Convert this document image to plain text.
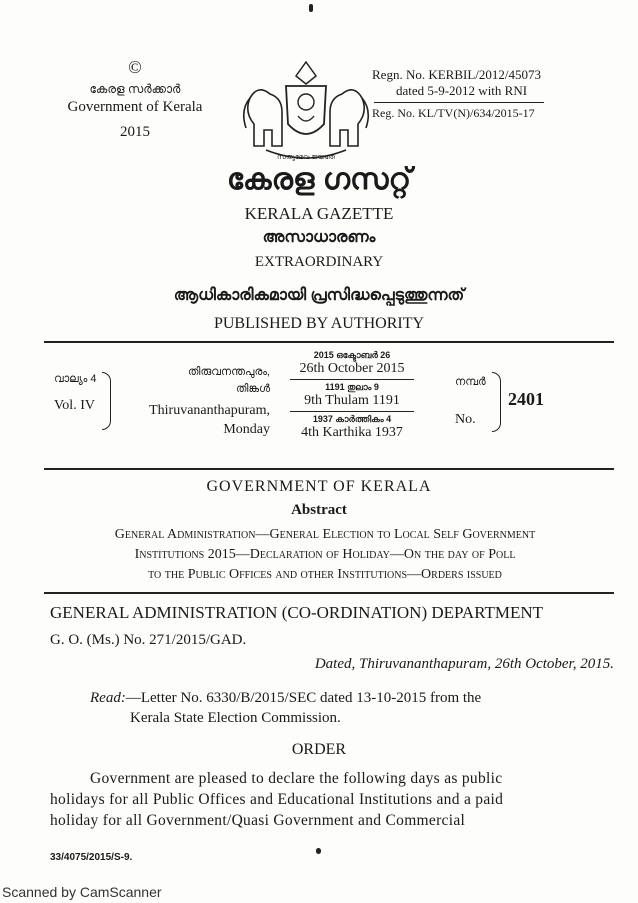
©
കേരള സർക്കാർ
Government of Kerala
2015
സത്യമേവ ജയതേ
Regn. No. KERBIL/2012/45073
dated 5-9-2012 with RNI
Reg. No. KL/TV(N)/634/2015-17
കേരള ഗസറ്റ്
KERALA GAZETTE
അസാധാരണം
EXTRAORDINARY
ആധികാരികമായി പ്രസിദ്ധപ്പെടുത്തുന്നത്
PUBLISHED BY AUTHORITY
വാല്യം 4
Vol. IV
തിരുവനന്തപുരം,
തിങ്കൾ
Thiruvananthapuram,
Monday
2015 ഒക്ടോബർ 26
26th October 2015
1191 തുലാം 9
9th Thulam 1191
1937 കാർത്തികം 4
4th Karthika 1937
നമ്പർ
No.
2401
GOVERNMENT OF KERALA
Abstract
General Administration—General Election to Local Self Government
Institutions 2015—Declaration of Holiday—On the day of Poll
to the Public Offices and other Institutions—Orders issued
GENERAL ADMINISTRATION (CO-ORDINATION) DEPARTMENT
G. O. (Ms.) No. 271/2015/GAD.
Dated, Thiruvananthapuram, 26th October, 2015.
Read:—Letter No. 6330/B/2015/SEC dated 13-10-2015 from the
Kerala State Election Commission.
ORDER
Government are pleased to declare the following days as public
holidays for all Public Offices and Educational Institutions and a paid
holiday for all Government/Quasi Government and Commercial
33/4075/2015/S-9.
Scanned by CamScanner
